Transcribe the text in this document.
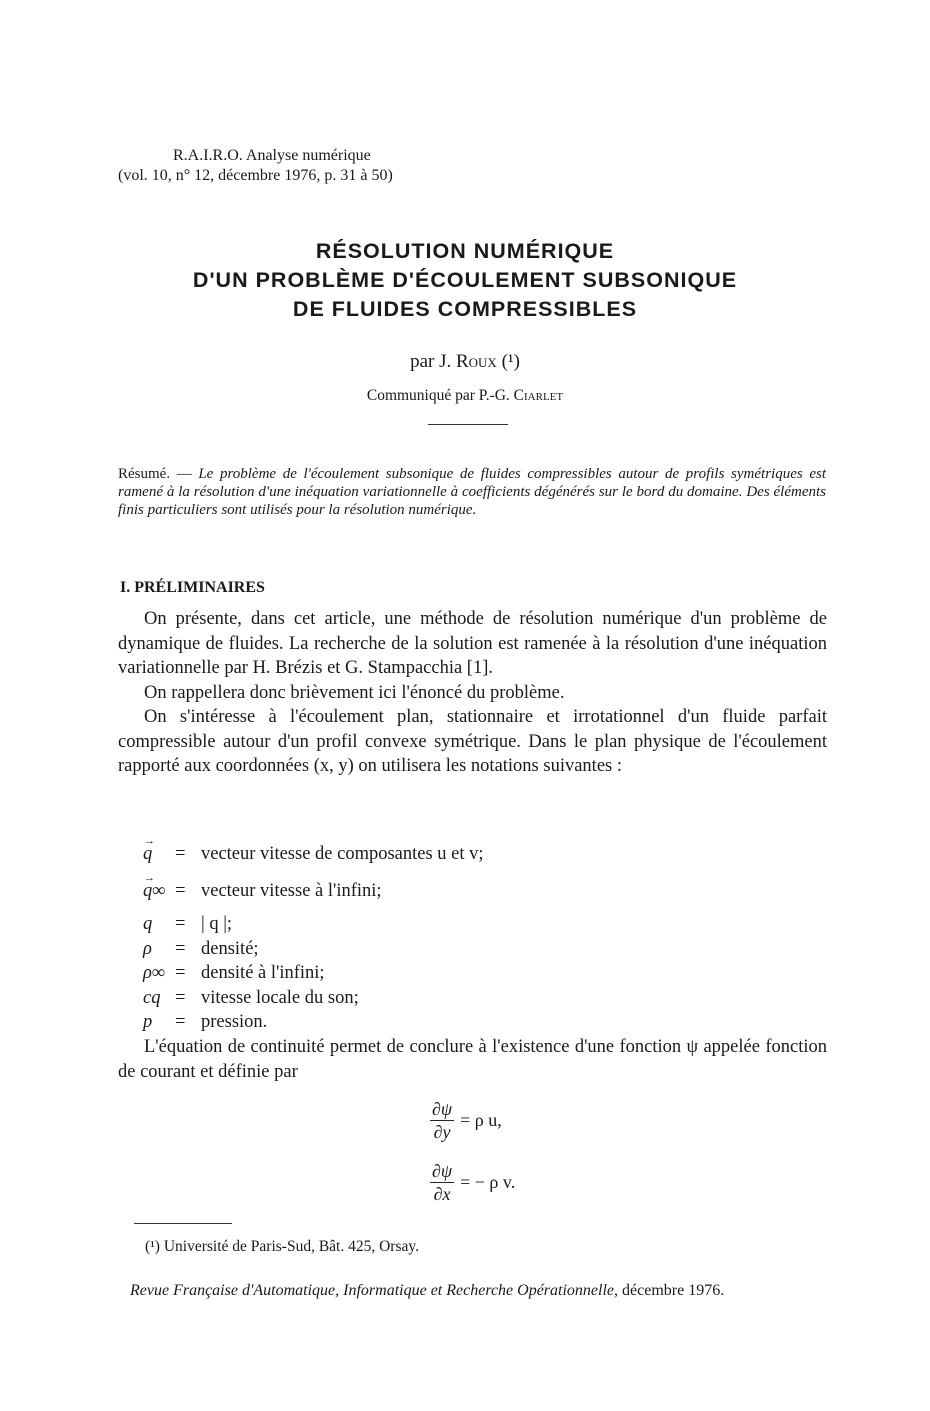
R.A.I.R.O. Analyse numérique
(vol. 10, n° 12, décembre 1976, p. 31 à 50)
RÉSOLUTION NUMÉRIQUE
D'UN PROBLÈME D'ÉCOULEMENT SUBSONIQUE
DE FLUIDES COMPRESSIBLES
par J. Roux (¹)
Communiqué par P.-G. Ciarlet
Résumé. — Le problème de l'écoulement subsonique de fluides compressibles autour de profils symétriques est ramené à la résolution d'une inéquation variationnelle à coefficients dégénérés sur le bord du domaine. Des éléments finis particuliers sont utilisés pour la résolution numérique.
I. PRÉLIMINAIRES

On présente, dans cet article, une méthode de résolution numérique d'un problème de dynamique de fluides. La recherche de la solution est ramenée à la résolution d'une inéquation variationnelle par H. Brézis et G. Stampacchia [1].

On rappellera donc brièvement ici l'énoncé du problème.

On s'intéresse à l'écoulement plan, stationnaire et irrotationnel d'un fluide parfait compressible autour d'un profil convexe symétrique. Dans le plan physique de l'écoulement rapporté aux coordonnées (x, y) on utilisera les notations suivantes :

→ q	= vecteur vitesse de composantes u et v;
→ q∞ = vecteur vitesse à l'infini;
q	= | q |;
ρ	= densité;
ρ∞ = densité à l'infini;
cq = vitesse locale du son;
p	= pression.

L'équation de continuité permet de conclure à l'existence d'une fonction ψ appelée fonction de courant et définie par

$\frac{\partial\psi}{\partial y} = \rho$ u,
$\frac{\partial\psi}{\partial x}$ = − ρ v.
(¹) Université de Paris-Sud, Bât. 425, Orsay.
Revue Française d'Automatique, Informatique et Recherche Opérationnelle, décembre 1976.
